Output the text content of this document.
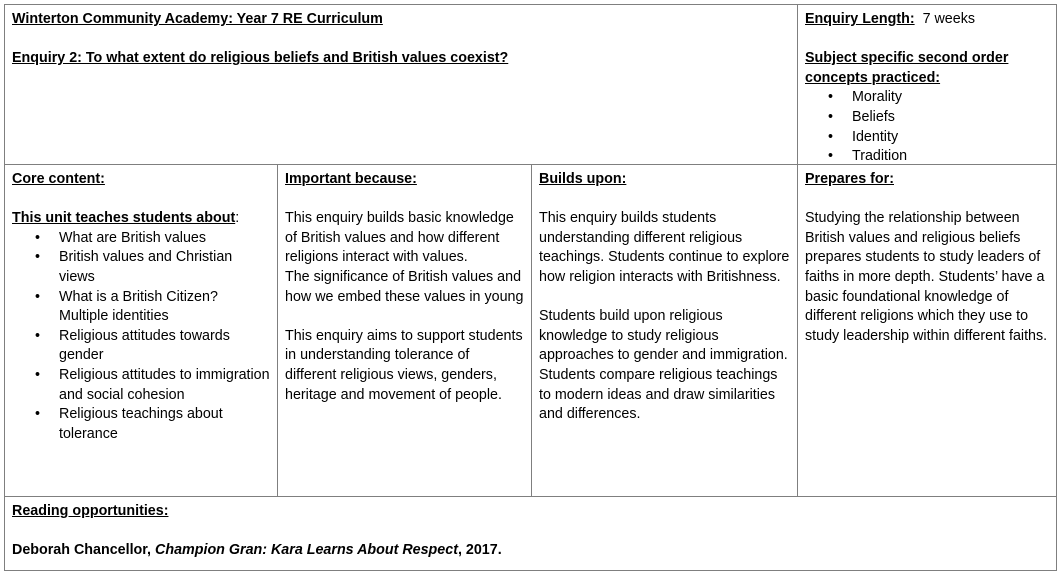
Winterton Community Academy: Year 7 RE Curriculum
Enquiry 2: To what extent do religious beliefs and British values coexist?
Enquiry Length: 7 weeks
Subject specific second order concepts practiced:
•	Morality
•	Beliefs
•	Identity
•	Tradition
Core content:
This unit teaches students about:
•	What are British values
•	British values and Christian views
•	What is a British Citizen? Multiple identities
•	Religious attitudes towards gender
•	Religious attitudes to immigration and social cohesion
•	Religious teachings about tolerance
Important because:

This enquiry builds basic knowledge of British values and how different religions interact with values.

The significance of British values and how we embed these values in young

This enquiry aims to support students in understanding tolerance of different religious views, genders, heritage and movement of people.

Builds upon:

This enquiry builds students understanding different religious teachings. Students continue to explore how religion interacts with Britishness.

Students build upon religious knowledge to study religious approaches to gender and immigration. Students compare religious teachings to modern ideas and draw similarities and differences.

Prepares for:

Studying the relationship between British values and religious beliefs prepares students to study leaders of faiths in more depth. Students’ have a basic foundational knowledge of different religions which they use to study leadership within different faiths.

Reading opportunities:
Deborah Chancellor, Champion Gran: Kara Learns About Respect, 2017.
